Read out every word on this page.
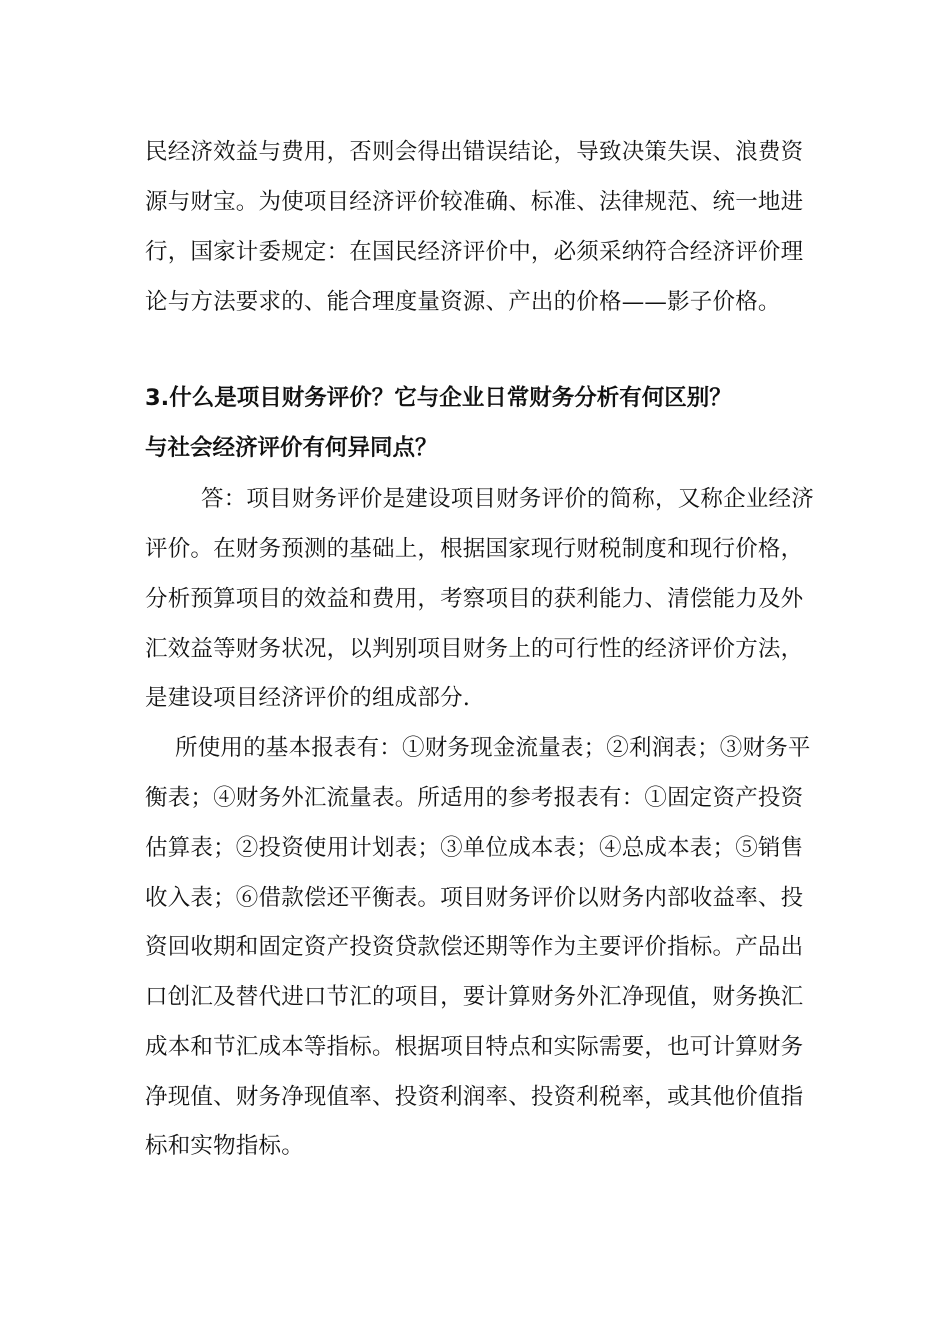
民经济效益与费用，否则会得出错误结论，导致决策失误、浪费资
源与财宝。为使项目经济评价较准确、标准、法律规范、统一地进
行，国家计委规定：在国民经济评价中，必须采纳符合经济评价理
论与方法要求的、能合理度量资源、产出的价格——影子价格。
3.什么是项目财务评价？它与企业日常财务分析有何区别？
与社会经济评价有何异同点？
答：项目财务评价是建设项目财务评价的简称，又称企业经济
评价。在财务预测的基础上，根据国家现行财税制度和现行价格，
分析预算项目的效益和费用，考察项目的获利能力、清偿能力及外
汇效益等财务状况，以判别项目财务上的可行性的经济评价方法，
是建设项目经济评价的组成部分.
所使用的基本报表有：①财务现金流量表；②利润表；③财务平
衡表；④财务外汇流量表。所适用的参考报表有：①固定资产投资
估算表；②投资使用计划表；③单位成本表；④总成本表；⑤销售
收入表；⑥借款偿还平衡表。项目财务评价以财务内部收益率、投
资回收期和固定资产投资贷款偿还期等作为主要评价指标。产品出
口创汇及替代进口节汇的项目，要计算财务外汇净现值，财务换汇
成本和节汇成本等指标。根据项目特点和实际需要，也可计算财务
净现值、财务净现值率、投资利润率、投资利税率，或其他价值指
标和实物指标。
